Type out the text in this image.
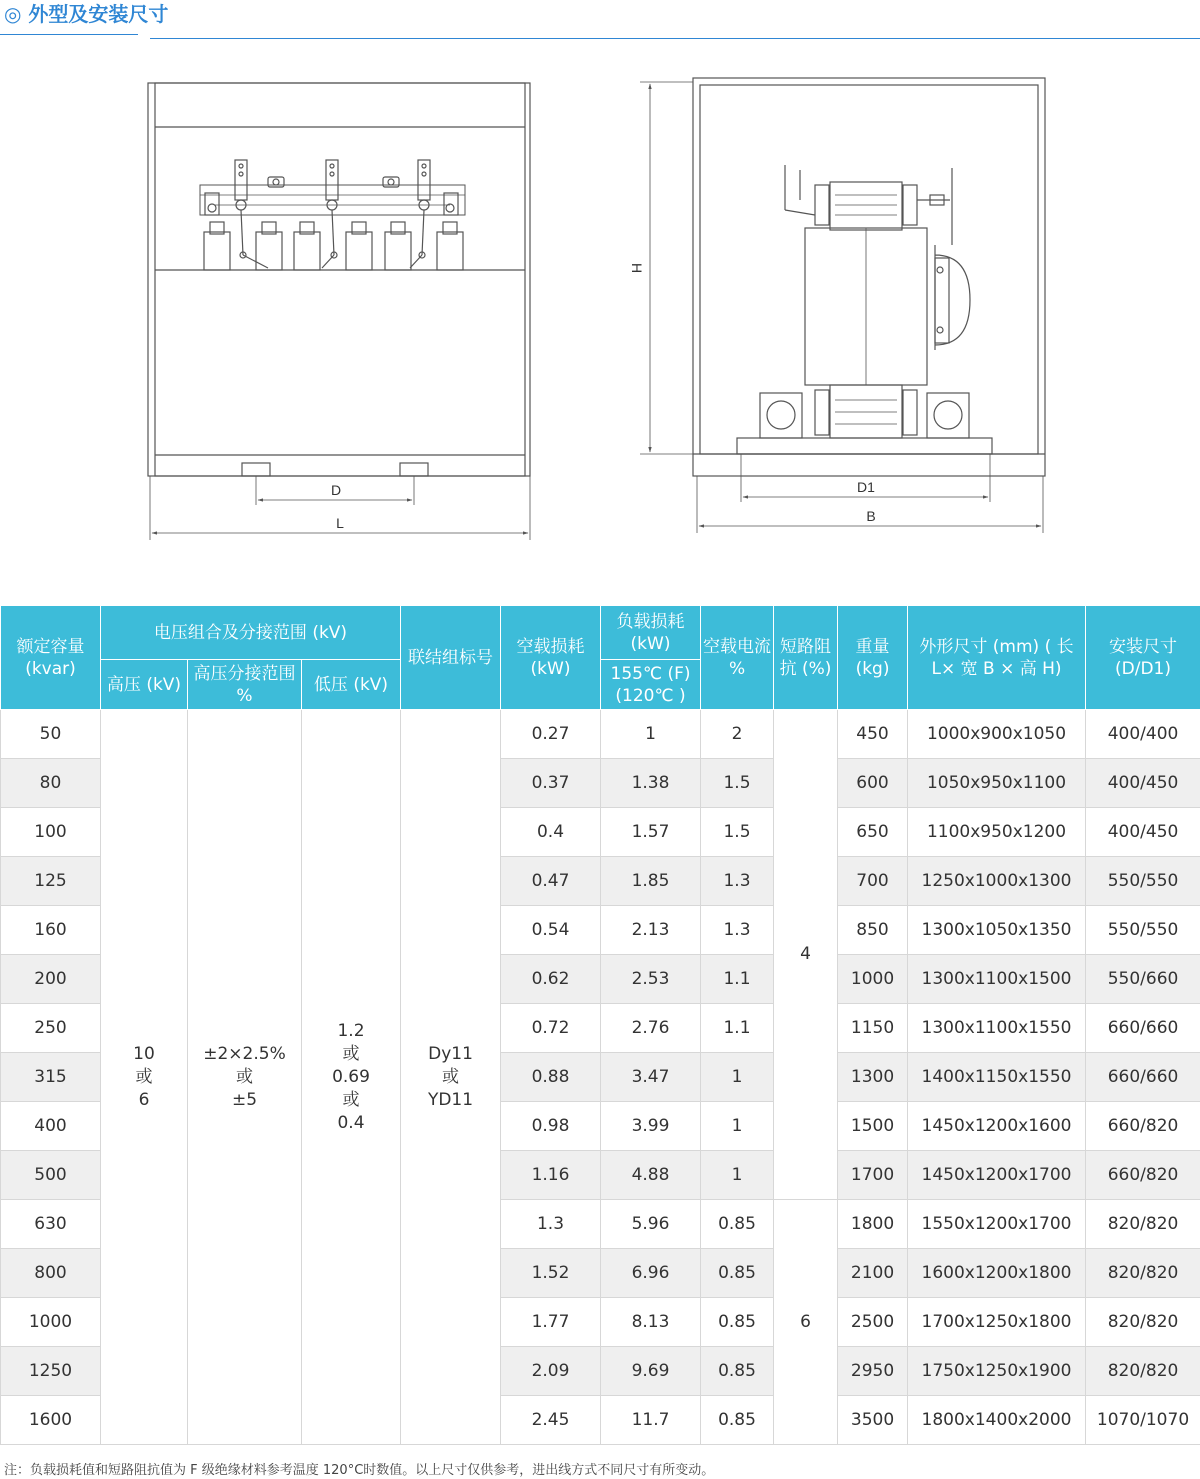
◎ 外型及安装尺寸
D
L
H
D1
B
额定容量 (kvar)	电压组合及分接范围 (kV)			联结组标号	空载损耗 (kW)	负载损耗 (kW)	空载电流 %	短路阻抗 (%)	重量 (kg)	外形尺寸 (mm) ( 长 L× 宽 B × 高 H)	安装尺寸 (D/D1)
	高压 (kV)	高压分接范围 %	低压 (kV)			155℃ (F) (120℃ )					
50	10
或
6	±2×2.5%
或
±5	1.2
或
0.69
或
0.4	Dy11
或
YD11	0.27	1	2	4	450	1000x900x1050	400/400
80					0.37	1.38	1.5		600	1050x950x1100	400/450
100					0.4	1.57	1.5		650	1100x950x1200	400/450
125					0.47	1.85	1.3		700	1250x1000x1300	550/550
160					0.54	2.13	1.3		850	1300x1050x1350	550/550
200					0.62	2.53	1.1		1000	1300x1100x1500	550/660
250					0.72	2.76	1.1		1150	1300x1100x1550	660/660
315					0.88	3.47	1		1300	1400x1150x1550	660/660
400					0.98	3.99	1		1500	1450x1200x1600	660/820
500					1.16	4.88	1		1700	1450x1200x1700	660/820
630					1.3	5.96	0.85	6	1800	1550x1200x1700	820/820
800					1.52	6.96	0.85		2100	1600x1200x1800	820/820
1000					1.77	8.13	0.85		2500	1700x1250x1800	820/820
1250					2.09	9.69	0.85		2950	1750x1250x1900	820/820
1600					2.45	11.7	0.85		3500	1800x1400x2000	1070/1070
注：负载损耗值和短路阻抗值为 F 级绝缘材料参考温度 120°C时数值。以上尺寸仅供参考，进出线方式不同尺寸有所变动。
